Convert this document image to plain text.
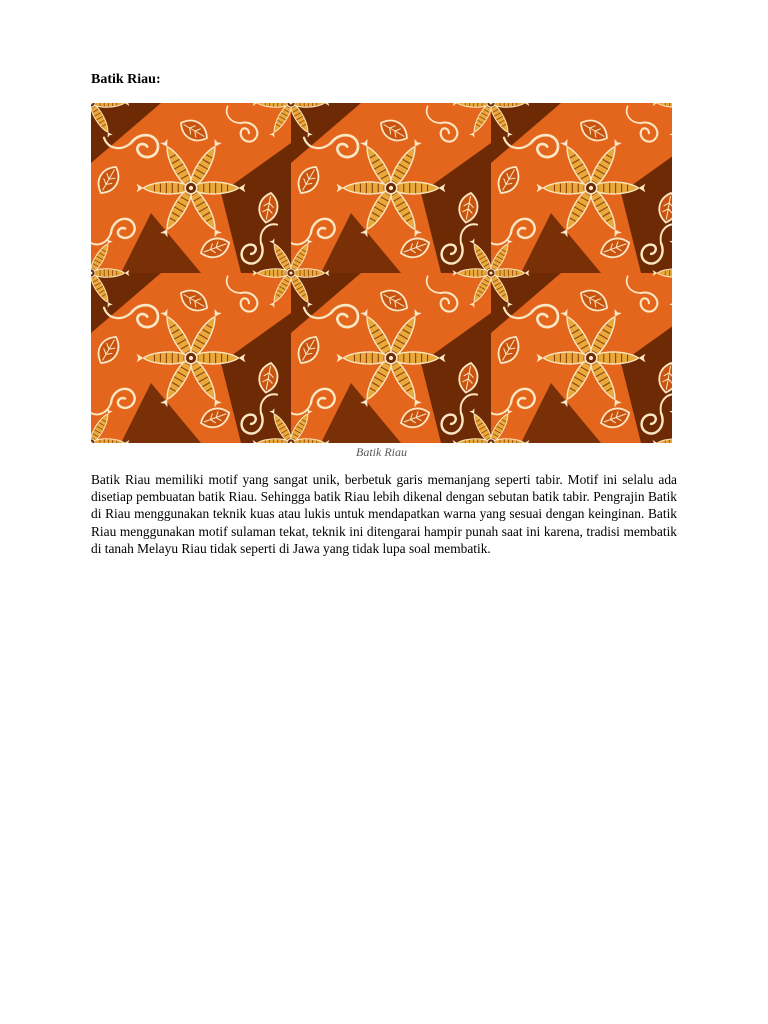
Batik Riau:
Batik Riau

Batik Riau memiliki motif yang sangat unik, berbetuk garis memanjang seperti tabir. Motif ini selalu ada disetiap pembuatan batik Riau. Sehingga batik Riau lebih dikenal dengan sebutan batik tabir. Pengrajin Batik di Riau menggunakan teknik kuas atau lukis untuk mendapatkan warna yang sesuai dengan keinginan. Batik Riau menggunakan motif sulaman tekat, teknik ini ditengarai hampir punah saat ini karena, tradisi membatik di tanah Melayu Riau tidak seperti di Jawa yang tidak lupa soal membatik.
